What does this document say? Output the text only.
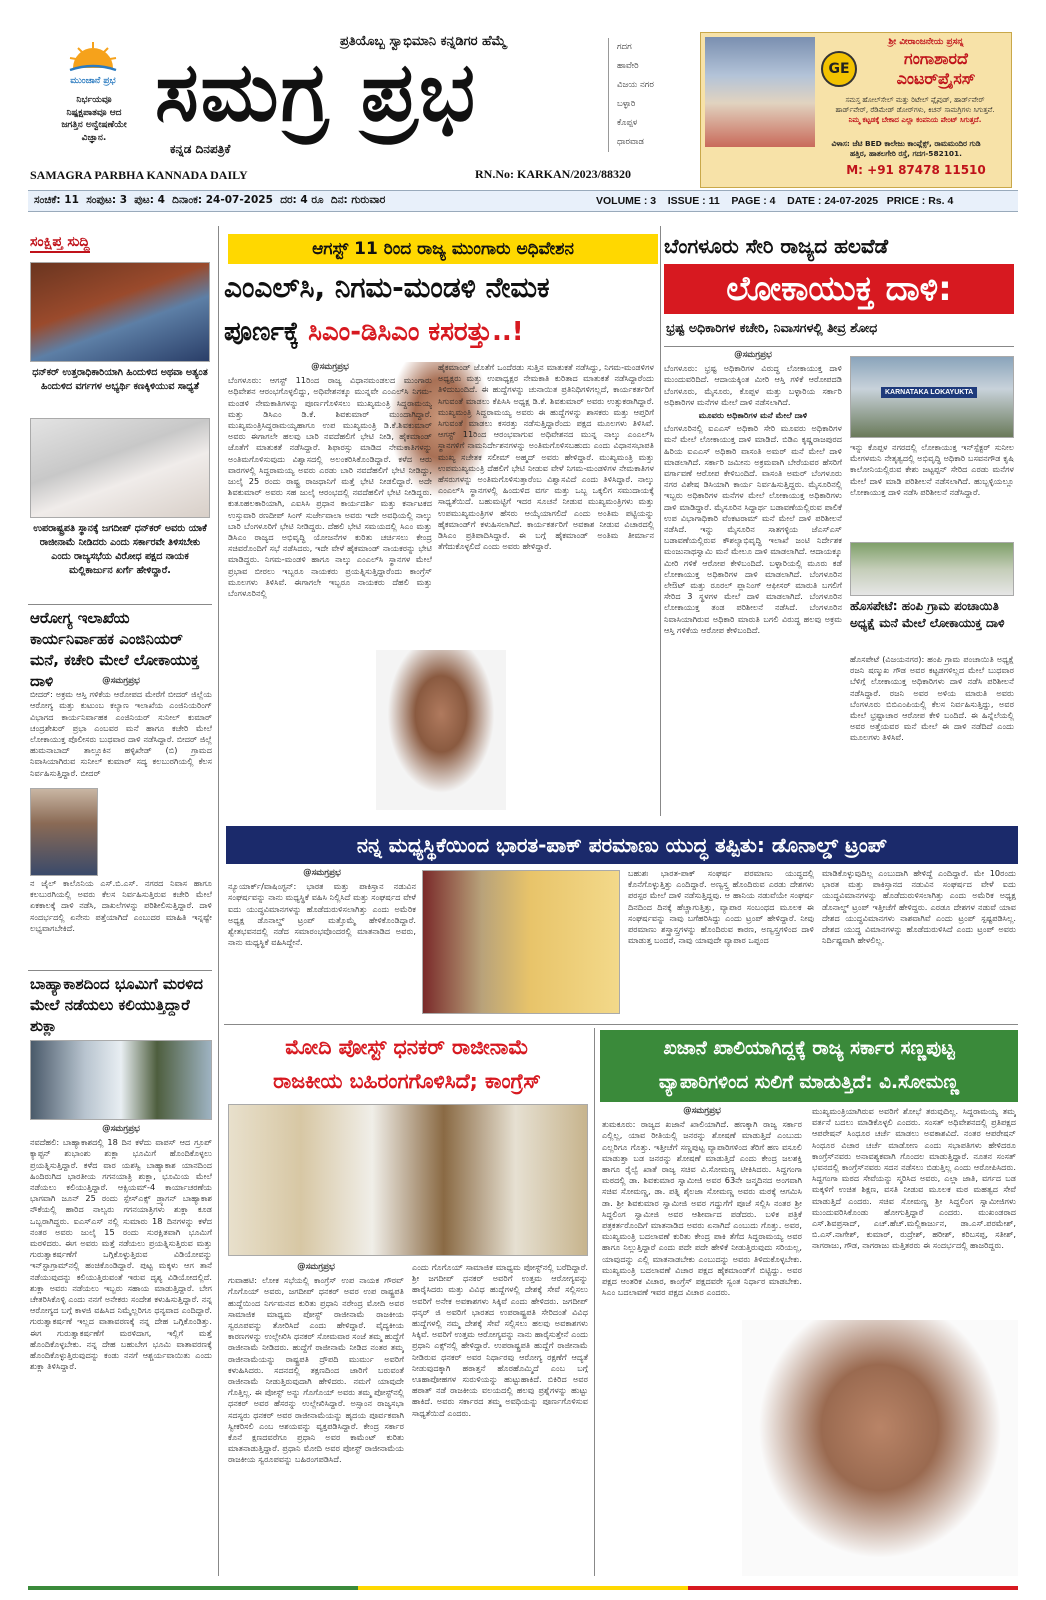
ಮುಂಜಾನೆ ಪ್ರಭ
ನಿರ್ಭಯವೂ
ನಿಷ್ಪಕ್ಷಪಾತವೂ ಆದ
ಜಗತ್ತಿನ ಅನ್ವೇಷಣೆಯೇ
ವಿಜ್ಞಾನ.
ಪ್ರತಿಯೊಬ್ಬ ಸ್ವಾಭಿಮಾನಿ ಕನ್ನಡಿಗರ ಹೆಮ್ಮೆ
ಸಮಗ್ರ ಪ್ರಭ
ಕನ್ನಡ ದಿನಪತ್ರಿಕೆ
SAMAGRA PARBHA KANNADA DAILY	RN.No: KARKAN/2023/88320
ಗದಗ
ಹಾವೇರಿ
ವಿಜಯ ನಗರ
ಬಳ್ಳಾರಿ
ಕೊಪ್ಪಳ
ಧಾರವಾಡ
ಶ್ರೀ ವೀರಾಂಜನೇಯ ಪ್ರಸನ್ನ
GE
ಗಂಗಾಶಾರದೆ
ಎಂಟರ್‌ಪ್ರೈಸಸ್
ಸಮಸ್ತ ಹೋಲ್‌ಸೇಲ್ ಮತ್ತು ರಿಟೇಲ್ ಪ್ಲೈವುಡ್, ಹಾರ್ಡ್‌ವೇರ್
ಹಾರ್ಡ್‌ವೇರ್‌, ರೆಡಿಮೇಡ್ ಡೋರ್‌ಗಳು, ಕಿಚನ್ ಸಾಮಗ್ರಿಗಳು ಸಿಗುತ್ತವೆ.
ನಿಮ್ಮ ಕಟ್ಟಡಕ್ಕೆ ಬೇಕಾದ ಎಲ್ಲಾ ಕಂಪನಿಯ ಪೇಂಟ್ ಸಿಗುತ್ತದೆ.
ವಿಳಾಸ: ಜೆಟಿ BED ಕಾಲೇಜು ಕಾಂಪ್ಲೆಕ್ಸ್, ರಾಮಮಂದಿರ ಗುಡಿ
ಹತ್ತಿರ, ಹಾತಲಗೇರಿ ರಸ್ತೆ, ಗದಗ-582101.
M: +91 87478 11510
ಸಂಚಿಕೆ: 11  ಸಂಪುಟ: 3  ಪುಟ: 4  ದಿನಾಂಕ: 24-07-2025  ದರ: 4 ರೂ  ದಿನ: ಗುರುವಾರ	VOLUME : 3    ISSUE : 11    PAGE : 4    DATE : 24-07-2025   PRICE : Rs. 4
ಸಂಕ್ಷಿಪ್ತ ಸುದ್ದಿ
ಧನ್‌ಕರ್ ಉತ್ತರಾಧಿಕಾರಿಯಾಗಿ ಹಿಂದುಳಿದ ಅಥವಾ ಅತ್ಯಂತ ಹಿಂದುಳಿದ ವರ್ಗಗಳ ಅಭ್ಯರ್ಥಿ ಕಣಕ್ಕಿಳಿಯುವ ಸಾಧ್ಯತೆ
ಉಪರಾಷ್ಟ್ರಪತಿ ಸ್ಥಾನಕ್ಕೆ ಜಗದೀಪ್ ಧನ್‌ಕರ್ ಅವರು ಯಾಕೆ ರಾಜೀನಾಮೆ ನೀಡಿದರು ಎಂದು ಸರ್ಕಾರವೇ ತಿಳಿಸಬೇಕು ಎಂದು ರಾಜ್ಯಸಭೆಯ ವಿರೋಧ ಪಕ್ಷದ ನಾಯಕ ಮಲ್ಲಿಕಾರ್ಜುನ ಖರ್ಗೆ ಹೇಳಿದ್ದಾರೆ.
ಆರೋಗ್ಯ ಇಲಾಖೆಯ ಕಾರ್ಯನಿರ್ವಾಹಕ ಎಂಜಿನಿಯರ್ ಮನೆ, ಕಚೇರಿ ಮೇಲೆ ಲೋಕಾಯುಕ್ತ ದಾಳಿ	@ಸಮಗ್ರಪ್ರಭ
ಬೀದರ್: ಅಕ್ರಮ ಆಸ್ತಿ ಗಳಿಕೆಯ ಆರೋಪದ ಮೇರೆಗೆ ಬೀದರ್ ಜಿಲ್ಲೆಯ ಆರೋಗ್ಯ ಮತ್ತು ಕುಟುಂಬ ಕಲ್ಯಾಣ ಇಲಾಖೆಯ ಎಂಜಿನಿಯರಿಂಗ್ ವಿಭಾಗದ ಕಾರ್ಯನಿರ್ವಾಹಕ ಎಂಜಿನಿಯರ್ ಸುನೀಲ್ ಕುಮಾರ್ ಚಂದ್ರಶೇಖರ್ ಪ್ರಭಾ ಎಂಬವರ ಮನೆ ಹಾಗೂ ಕಚೇರಿ ಮೇಲೆ ಲೋಕಾಯುಕ್ತ ಪೊಲೀಸರು ಬುಧವಾರ ದಾಳಿ ನಡೆಸಿದ್ದಾರೆ. ಬೀದರ್ ಜಿಲ್ಲೆ ಹುಮನಾಬಾದ್ ತಾಲ್ಲೂಕಿನ ಹಳ್ಳಿಖೇಡ್ (ಬಿ) ಗ್ರಾಮದ ನಿವಾಸಿಯಾಗಿರುವ ಸುನೀಲ್ ಕುಮಾರ್ ಸದ್ಯ ಕಲಬುರಗಿಯಲ್ಲಿ ಕೆಲಸ ನಿರ್ವಹಿಸುತ್ತಿದ್ದಾರೆ. ಬೀದರ್
ನ ಜೈಲ್ ಕಾಲೊನಿಯ ಎಸ್.ಬಿ.ಎಸ್. ನಗರದ ನಿವಾಸ ಹಾಗೂ ಕಲಬುರಗಿಯಲ್ಲಿ ಅವರು ಕೆಲಸ ನಿರ್ವಹಿಸುತ್ತಿರುವ ಕಚೇರಿ ಮೇಲೆ ಏಕಕಾಲಕ್ಕೆ ದಾಳಿ ನಡೆಸಿ, ದಾಖಲೆಗಳನ್ನು ಪರಿಶೀಲಿಸುತ್ತಿದ್ದಾರೆ. ದಾಳಿ ಸಂದರ್ಭದಲ್ಲಿ ಏನೇನು ಪತ್ತೆಯಾಗಿದೆ ಎಂಬುದರ ಮಾಹಿತಿ ಇನ್ನಷ್ಟೇ ಲಭ್ಯವಾಗಬೇಕಿದೆ.
ಬಾಹ್ಯಾಕಾಶದಿಂದ ಭೂಮಿಗೆ ಮರಳಿದ ಮೇಲೆ ನಡೆಯಲು ಕಲಿಯುತ್ತಿದ್ದಾರೆ ಶುಕ್ಲಾ
@ಸಮಗ್ರಪ್ರಭ
ನವದೆಹಲಿ: ಬಾಹ್ಯಾಕಾಶದಲ್ಲಿ 18 ದಿನ ಕಳೆದು ವಾಪಸ್ ಆದ ಗ್ರೂಪ್ ಕ್ಯಾಪ್ಟನ್ ಶುಭಾಂಶು ಶುಕ್ಲಾ ಭೂಮಿಗೆ ಹೊಂದಿಕೊಳ್ಳಲು ಪ್ರಯತ್ನಿಸುತ್ತಿದ್ದಾರೆ. ಕಳೆದ ವಾರ ಯಶಸ್ವಿ ಬಾಹ್ಯಾಕಾಶ ಯಾನದಿಂದ ಹಿಂದಿರುಗಿದ ಭಾರತೀಯ ಗಗನಯಾತ್ರಿ ಶುಕ್ಲಾ, ಭೂಮಿಯ ಮೇಲೆ ನಡೆಯಲು ಕಲಿಯುತ್ತಿದ್ದಾರೆ. ಆಕ್ಸಿಯಮ್-4 ಕಾರ್ಯಾಚರಣೆಯ ಭಾಗವಾಗಿ ಜೂನ್ 25 ರಂದು ಸ್ಪೇಸ್‌ಎಕ್ಸ್ ಡ್ರ್ಯಾಗನ್ ಬಾಹ್ಯಾಕಾಶ ನೌಕೆಯಲ್ಲಿ ಹಾರಿದ ನಾಲ್ವರು ಗಗನಯಾತ್ರಿಗಳು ಶುಕ್ಲಾ ಕೂಡ ಒಬ್ಬರಾಗಿದ್ದರು. ಐಎಸ್ಎಸ್ ನಲ್ಲಿ ಸುಮಾರು 18 ದಿನಗಳನ್ನು ಕಳೆದ ನಂತರ ಅವರು ಜುಲೈ 15 ರಂದು ಸುರಕ್ಷಿತವಾಗಿ ಭೂಮಿಗೆ ಮರಳಿದರು. ಈಗ ಅವರು ಮತ್ತೆ ನಡೆಯಲು ಪ್ರಯತ್ನಿಸುತ್ತಿರುವ ಮತ್ತು ಗುರುತ್ವಾಕರ್ಷಣೆಗೆ ಒಗ್ಗಿಕೊಳ್ಳುತ್ತಿರುವ ವಿಡಿಯೋವನ್ನು ಇನ್‌ಸ್ಟಾಗ್ರಾಮ್‌ನಲ್ಲಿ ಹಂಚಿಕೊಂಡಿದ್ದಾರೆ. ಪುಟ್ಟ ಮಕ್ಕಳು ಆಗ ತಾನೆ ನಡೆಯುವುದನ್ನು ಕಲಿಯುತ್ತಿರುವಂತೆ ಇರುವ ದೃಶ್ಯ ವಿಡಿಯೋದಲ್ಲಿದೆ. ಶುಕ್ಲಾ ಅವರು ನಡೆಯಲು ಇಬ್ಬರು ಸಹಾಯ ಮಾಡುತ್ತಿದ್ದಾರೆ. ಬೇಗ ಚೇತರಿಸಿಕೊಳ್ಳಿ ಎಂದು ನನಗೆ ಅನೇಕರು ಸಂದೇಶ ಕಳುಹಿಸುತ್ತಿದ್ದಾರೆ. ನನ್ನ ಆರೋಗ್ಯದ ಬಗ್ಗೆ ಕಾಳಜಿ ವಹಿಸಿದ ನಿಮ್ಮೆಲ್ಲರಿಗೂ ಧನ್ಯವಾದ ಎಂದಿದ್ದಾರೆ. ಗುರುತ್ವಾಕರ್ಷಣೆ ಇಲ್ಲದ ವಾತಾವರಣಕ್ಕೆ ನನ್ನ ದೇಹ ಒಗ್ಗಿಕೊಂಡಿತ್ತು. ಈಗ ಗುರುತ್ವಾಕರ್ಷಣೆಗೆ ಮರಳಿದಾಗ, ಇಲ್ಲಿಗೆ ಮತ್ತೆ ಹೊಂದಿಕೊಳ್ಳಬೇಕು. ನನ್ನ ದೇಹ ಬಹುಬೇಗ ಭೂಮಿ ವಾತಾವರಣಕ್ಕೆ ಹೊಂದಿಕೊಳ್ಳುತ್ತಿರುವುದನ್ನು ಕಂಡು ನನಗೆ ಆಶ್ಚರ್ಯವಾಯಿತು ಎಂದು ಶುಕ್ಲಾ ತಿಳಿಸಿದ್ದಾರೆ.
ಆಗಸ್ಟ್ 11 ರಿಂದ ರಾಜ್ಯ ಮುಂಗಾರು ಅಧಿವೇಶನ
ಎಂಎಲ್‌ಸಿ, ನಿಗಮ-ಮಂಡಳಿ ನೇಮಕ
ಪೂರ್ಣಕ್ಕೆ ಸಿಎಂ-ಡಿಸಿಎಂ ಕಸರತ್ತು..!
@ಸಮಗ್ರಪ್ರಭ
ಬೆಂಗಳೂರು: ಆಗಸ್ಟ್ 11ರಿಂದ ರಾಜ್ಯ ವಿಧಾನಮಂಡಲದ ಮುಂಗಾರು ಅಧಿವೇಶನ ಆರಂಭಗೊಳ್ಳಲಿದ್ದು, ಅಧಿವೇಶನಕ್ಕೂ ಮುನ್ನವೇ ಎಂಎಲ್‌ಸಿ ನಿಗಮ-ಮಂಡಳಿ ನೇಮಕಾತಿಗಳನ್ನು ಪೂರ್ಣಗೊಳಿಸಲು ಮುಖ್ಯಮಂತ್ರಿ ಸಿದ್ದರಾಮಯ್ಯ ಮತ್ತು ಡಿಸಿಎಂ ಡಿ.ಕೆ. ಶಿವಕುಮಾರ್ ಮುಂದಾಗಿದ್ದಾರೆ. ಮುಖ್ಯಮಂತ್ರಿಸಿದ್ದರಾಮಯ್ಯಹಾಗೂ ಉಪ ಮುಖ್ಯಮಂತ್ರಿ ಡಿ.ಕೆ.ಶಿವಕುಮಾರ್ ಅವರು ಈಗಾಗಲೇ ಹಲವು ಬಾರಿ ನವದೆಹಲಿಗೆ ಭೇಟಿ ನೀಡಿ, ಹೈಕಮಾಂಡ್ ಜೊತೆಗೆ ಮಾತುಕತೆ ನಡೆಸಿದ್ದಾರೆ. ಶಿಫಾರಸ್ಸು ಮಾಡಿದ ನೇಮಕಾತಿಗಳನ್ನು ಅಂತಿಮಗೊಳಿಸುವುದು ವಿಶ್ವಾಸದಲ್ಲಿ ಅಲಂಕರಿಸಿಕೊಂಡಿದ್ದಾರೆ. ಕಳೆದ ಆರು ವಾರಗಳಲ್ಲಿ ಸಿದ್ದರಾಮಯ್ಯ ಅವರು ಎರಡು ಬಾರಿ ನವದೆಹಲಿಗೆ ಭೇಟಿ ನೀಡಿದ್ದು, ಜುಲೈ 25 ರಂದು ರಾಷ್ಟ್ರ ರಾಜಧಾನಿಗೆ ಮತ್ತೆ ಭೇಟಿ ನೀಡಲಿದ್ದಾರೆ. ಅದೇ ಶಿವಕುಮಾರ್ ಅವರು ಸಹ ಜುಲೈ ಆರಂಭದಲ್ಲಿ ನವದೆಹಲಿಗೆ ಭೇಟಿ ನೀಡಿದ್ದರು. ಕುತೂಹಲಕಾರಿಯಾಗಿ, ಎಐಸಿಸಿ ಪ್ರಧಾನ ಕಾರ್ಯದರ್ಶಿ ಮತ್ತು ಕರ್ನಾಟಕದ ಉಸ್ತುವಾರಿ ರಣದೀಪ್ ಸಿಂಗ್ ಸುರ್ಜೇವಾಲಾ ಅವರು ಇದೇ ಅವಧಿಯಲ್ಲಿ ನಾಲ್ಕು ಬಾರಿ ಬೆಂಗಳೂರಿಗೆ ಭೇಟಿ ನೀಡಿದ್ದರು. ದೆಹಲಿ ಭೇಟಿ ಸಮಯದಲ್ಲಿ ಸಿಎಂ ಮತ್ತು ಡಿಸಿಎಂ ರಾಜ್ಯದ ಅಭಿವೃದ್ಧಿ ಯೋಜನೆಗಳ ಕುರಿತು ಚರ್ಚಿಸಲು ಕೇಂದ್ರ ಸಚಿವರೊಂದಿಗೆ ಸಭೆ ನಡೆಸಿದರು, ಇದೇ ವೇಳೆ ಹೈಕಮಾಂಡ್ ನಾಯಕರನ್ನು ಭೇಟಿ ಮಾಡಿದ್ದರು. ನಿಗಮ-ಮಂಡಳಿ ಹಾಗೂ ನಾಲ್ಕು ಎಂಎಲ್‌ಸಿ ಸ್ಥಾನಗಳ ಮೇಲೆ ಪ್ರಭಾವ ಬೀರಲು ಇಬ್ಬರೂ ನಾಯಕರು ಪ್ರಯತ್ನಿಸುತ್ತಿದ್ದಾರೆಂದು ಕಾಂಗ್ರೆಸ್ ಮೂಲಗಳು ತಿಳಿಸಿವೆ. ಈಗಾಗಲೇ ಇಬ್ಬರೂ ನಾಯಕರು ದೆಹಲಿ ಮತ್ತು ಬೆಂಗಳೂರಿನಲ್ಲಿ
ಹೈಕಮಾಂಡ್ ಜೊತೆಗೆ ಒಂದೆರಡು ಸುತ್ತಿನ ಮಾತುಕತೆ ನಡೆಸಿದ್ದು, ನಿಗಮ-ಮಂಡಳಿಗಳ ಅಧ್ಯಕ್ಷರು ಮತ್ತು ಉಪಾಧ್ಯಕ್ಷರ ನೇಮಕಾತಿ ಕುರಿತಾದ ಮಾತುಕತೆ ನಡೆಸಿದ್ದಾರೆಂದು ತಿಳಿದುಬಂದಿದೆ. ಈ ಹುದ್ದೆಗಳನ್ನು ಚುನಾಯಿತ ಪ್ರತಿನಿಧಿಗಳಿಗಲ್ಲದೆ, ಕಾರ್ಯಕರ್ತರಿಗೆ ಸಿಗುವಂತೆ ಮಾಡಲು ಕೆಪಿಸಿಸಿ ಅಧ್ಯಕ್ಷ ಡಿ.ಕೆ. ಶಿವಕುಮಾರ್ ಅವರು ಉತ್ಸುಕರಾಗಿದ್ದಾರೆ. ಮುಖ್ಯಮಂತ್ರಿ ಸಿದ್ದರಾಮಯ್ಯ ಅವರು ಈ ಹುದ್ದೆಗಳನ್ನು ಶಾಸಕರು ಮತ್ತು ಆಪ್ತರಿಗೆ ಸಿಗುವಂತೆ ಮಾಡಲು ಕಸರತ್ತು ನಡೆಸುತ್ತಿದ್ದಾರೆಂದು ಪಕ್ಷದ ಮೂಲಗಳು ತಿಳಿಸಿವೆ. ಆಗಸ್ಟ್ 11ರಿಂದ ಆರಂಭವಾಗುವ ಅಧಿವೇಶನದ ಮುನ್ನ ನಾಲ್ಕು ಎಂಎಲ್‌ಸಿ ಸ್ಥಾನಗಳಿಗೆ ನಾಮನಿರ್ದೇಶನಗಳನ್ನು ಅಂತಿಮಗೊಳಿಸಬಹುದು ಎಂದು ವಿಧಾನಸಭಾಪತಿ ಮುಖ್ಯ ಸಚೇತಕ ಸಲೀಮ್ ಅಹ್ಮದ್ ಅವರು ಹೇಳಿದ್ದಾರೆ. ಮುಖ್ಯಮಂತ್ರಿ ಮತ್ತು ಉಪಮುಖ್ಯಮಂತ್ರಿ ದೆಹಲಿಗೆ ಭೇಟಿ ನೀಡುವ ವೇಳೆ ನಿಗಮ-ಮಂಡಳಿಗಳ ನೇಮಕಾತಿಗಳ ಹೆಸರುಗಳನ್ನು ಅಂತಿಮಗೊಳಿಸುತ್ತಾರೆಂಬ ವಿಶ್ವಾಸವಿದೆ ಎಂದು ತಿಳಿಸಿದ್ದಾರೆ. ನಾಲ್ಕು ಎಂಎಲ್‌ಸಿ ಸ್ಥಾನಗಳಲ್ಲಿ ಹಿಂದುಳಿದ ವರ್ಗ ಮತ್ತು ಒಬ್ಬ ಒಕ್ಕಲಿಗ ಸಮುದಾಯಕ್ಕೆ ಸಾಧ್ಯತೆಯಿದೆ. ಬಹುಮಟ್ಟಿಗೆ ಇದರ ಸೂಚನೆ ನೀಡುವ ಮುಖ್ಯಮಂತ್ರಿಗಳು ಮತ್ತು ಉಪಮುಖ್ಯಮಂತ್ರಿಗಳ ಹೆಸರು ಆಯ್ಕೆಯಾಗಲಿದೆ ಎಂದು ಅಂತಿಮ ಪಟ್ಟಿಯನ್ನು ಹೈಕಮಾಂಡ್‌ಗೆ ಕಳುಹಿಸಲಾಗಿದೆ. ಕಾರ್ಯಕರ್ತರಿಗೆ ಅವಕಾಶ ನೀಡುವ ವಿಚಾರದಲ್ಲಿ ಡಿಸಿಎಂ ಪ್ರತಿಪಾದಿಸಿದ್ದಾರೆ. ಈ ಬಗ್ಗೆ ಹೈಕಮಾಂಡ್ ಅಂತಿಮ ತೀರ್ಮಾನ ತೆಗೆದುಕೊಳ್ಳಲಿದೆ ಎಂದು ಅವರು ಹೇಳಿದ್ದಾರೆ.
ಬೆಂಗಳೂರು ಸೇರಿ ರಾಜ್ಯದ ಹಲವೆಡೆ
ಲೋಕಾಯುಕ್ತ ದಾಳಿ:
ಭ್ರಷ್ಟ ಅಧಿಕಾರಿಗಳ ಕಚೇರಿ, ನಿವಾಸಗಳಲ್ಲಿ ತೀವ್ರ ಶೋಧ
@ಸಮಗ್ರಪ್ರಭ
ಬೆಂಗಳೂರು: ಭ್ರಷ್ಟ ಅಧಿಕಾರಿಗಳ ವಿರುದ್ಧ ಲೋಕಾಯುಕ್ತ ದಾಳಿ ಮುಂದುವರಿದಿದೆ. ಆದಾಯಕ್ಕಿಂತ ಮೀರಿ ಆಸ್ತಿ ಗಳಿಕೆ ಆರೋಪದಡಿ ಬೆಂಗಳೂರು, ಮೈಸೂರು, ಕೊಪ್ಪಳ ಮತ್ತು ಬಳ್ಳಾರಿಯ ಸರ್ಕಾರಿ ಅಧಿಕಾರಿಗಳ ಮನೆಗಳ ಮೇಲೆ ದಾಳಿ ನಡೆಸಲಾಗಿದೆ.
ಮೂವರು ಅಧಿಕಾರಿಗಳ ಮನೆ ಮೇಲೆ ದಾಳಿ
ಬೆಂಗಳೂರಿನಲ್ಲಿ ಐಎಎಸ್ ಅಧಿಕಾರಿ ಸೇರಿ ಮೂವರು ಅಧಿಕಾರಿಗಳ ಮನೆ ಮೇಲೆ ಲೋಕಾಯುಕ್ತ ದಾಳಿ ಮಾಡಿದೆ. ಬಿಡಿಎ ಕೃಷ್ಣರಾಜಪುರದ ಹಿರಿಯ ಐಎಎಸ್ ಅಧಿಕಾರಿ ವಾಸಂತಿ ಅಮರ್ ಮನೆ ಮೇಲೆ ದಾಳಿ ಮಾಡಲಾಗಿದೆ. ಸರ್ಕಾರಿ ಜಮೀನು ಅಕ್ರಮವಾಗಿ ಬೇರೆಯವರ ಹೆಸರಿಗೆ ವರ್ಗಾವಣೆ ಆರೋಪ ಕೇಳಿಬಂದಿದೆ. ವಾಸಂತಿ ಅಮರ್ ಬೆಂಗಳೂರು ನಗರ ವಿಶೇಷ ಡಿಸಿಯಾಗಿ ಕಾರ್ಯ ನಿರ್ವಹಿಸುತ್ತಿದ್ದರು. ಮೈಸೂರಿನಲ್ಲಿ ಇಬ್ಬರು ಅಧಿಕಾರಿಗಳ ಮನೆಗಳ ಮೇಲೆ ಲೋಕಾಯುಕ್ತ ಅಧಿಕಾರಿಗಳು ದಾಳಿ ಮಾಡಿದ್ದಾರೆ. ಮೈಸೂರಿನ ಸಿದ್ದಾರ್ಥ ಬಡಾವಣೆಯಲ್ಲಿರುವ ಪಾಲಿಕೆ ಉಪ ವಿಭಾಗಾಧಿಕಾರಿ ವೆಂಕಟರಾಮ್ ಮನೆ ಮೇಲೆ ದಾಳಿ ಪರಿಶೀಲನೆ ನಡೆಸಿದೆ. ಇನ್ನು ಮೈಸೂರಿನ ಸಾತಗಳ್ಳಿಯ ಜೆಎಸ್ಎಸ್ ಬಡಾವಣೆಯಲ್ಲಿರುವ ಕೌಶಲ್ಯಾಭಿವೃದ್ಧಿ ಇಲಾಖೆ ಜಂಟಿ ನಿರ್ದೇಶಕ ಮಂಜುನಾಥಸ್ವಾಮಿ ಮನೆ ಮೇಲೂ ದಾಳಿ ಮಾಡಲಾಗಿದೆ. ಆದಾಯಕ್ಕೂ ಮೀರಿ ಗಳಿಕೆ ಆರೋಪ ಕೇಳಿಬಂದಿದೆ. ಬಳ್ಳಾರಿಯಲ್ಲಿ ಮೂರು ಕಡೆ ಲೋಕಾಯುಕ್ತ ಅಧಿಕಾರಿಗಳ ದಾಳಿ ಮಾಡಲಾಗಿದೆ. ಬೆಂಗಳೂರಿನ ಲೇಔಟ್ ಮತ್ತು ರೂರಲ್ ಪ್ಲಾನಿಂಗ್ ಆಫೀಸರ್ ಮಾರುತಿ ಬಗಲಿಗೆ ಸೇರಿದ 3 ಸ್ಥಳಗಳ ಮೇಲೆ ದಾಳಿ ಮಾಡಲಾಗಿದೆ. ಬೆಂಗಳೂರಿನ ಲೋಕಾಯುಕ್ತ ತಂಡ ಪರಿಶೀಲನೆ ನಡೆಸಿದೆ. ಬೆಂಗಳೂರಿನ ನಿವಾಸಿಯಾಗಿರುವ ಅಧಿಕಾರಿ ಮಾರುತಿ ಬಗಲಿ ವಿರುದ್ಧ ಹಲವು ಅಕ್ರಮ ಆಸ್ತಿ ಗಳಿಕೆಯ ಆರೋಪ ಕೇಳಿಬಂದಿದೆ.
KARNATAKA LOKAYUKTA
ಇನ್ನು ಕೊಪ್ಪಳ ನಗರದಲ್ಲಿ ಲೋಕಾಯುಕ್ತ ಇನ್‌ಸ್ಪೆಕ್ಟರ್ ಸುನೀಲ ಮೇಗಳಮನಿ ನೇತೃತ್ವದಲ್ಲಿ ಅಭಿವೃದ್ಧಿ ಅಧಿಕಾರಿ ಬಸವನಗೌಡ ಕೃಷಿ ಕಾಲೋನಿಯಲ್ಲಿರುವ ಕೇಶು ಜಟ್ಟಪ್ಪನ್ ಸೇರಿದ ಎರಡು ಮನೆಗಳ ಮೇಲೆ ದಾಳಿ ಮಾಡಿ ಪರಿಶೀಲನೆ ನಡೆಸಲಾಗಿದೆ. ಹುಬ್ಬಳ್ಳಿಯಲ್ಲೂ ಲೋಕಾಯುಕ್ತ ದಾಳಿ ನಡೆಸಿ ಪರಿಶೀಲನೆ ನಡೆಸಿದ್ದಾರೆ.
ಹೊಸಪೇಟೆ: ಹಂಪಿ ಗ್ರಾಮ ಪಂಚಾಯಿತಿ ಅಧ್ಯಕ್ಷೆ ಮನೆ ಮೇಲೆ ಲೋಕಾಯುಕ್ತ ದಾಳಿ
ಹೊಸಪೇಟೆ (ವಿಜಯನಗರ): ಹಂಪಿ ಗ್ರಾಮ ಪಂಚಾಯಿತಿ ಅಧ್ಯಕ್ಷೆ ರಜನಿ ಷಣ್ಮುಖ ಗೌಡ ಅವರ ಕಟ್ಟಡಗಳಿಲ್ಲದ ಮೇಲೆ ಬುಧವಾರ ಬೆಳಿಗ್ಗೆ ಲೋಕಾಯುಕ್ತ ಅಧಿಕಾರಿಗಳು ದಾಳಿ ನಡೆಸಿ ಪರಿಶೀಲನೆ ನಡೆಸಿದ್ದಾರೆ. ರಜನಿ ಅವರ ಅಳಿಯ ಮಾರುತಿ ಅವರು ಬೆಂಗಳೂರು ಬಿಬಿಎಂಪಿಯಲ್ಲಿ ಕೆಲಸ ನಿರ್ವಹಿಸುತ್ತಿದ್ದು, ಅವರ ಮೇಲೆ ಭ್ರಷ್ಟಾಚಾರ ಆರೋಪ ಕೇಳಿ ಬಂದಿದೆ. ಈ ಹಿನ್ನೆಲೆಯಲ್ಲಿ ಅವರ ಅತ್ತೆಯವರ ಮನೆ ಮೇಲೆ ಈ ದಾಳಿ ನಡೆದಿದೆ ಎಂದು ಮೂಲಗಳು ತಿಳಿಸಿವೆ.
ನನ್ನ ಮಧ್ಯಸ್ಥಿಕೆಯಿಂದ ಭಾರತ-ಪಾಕ್ ಪರಮಾಣು ಯುದ್ಧ ತಪ್ಪಿತು: ಡೊನಾಲ್ಡ್ ಟ್ರಂಪ್
@ಸಮಗ್ರಪ್ರಭ
ನ್ಯೂಯಾರ್ಕ್/ವಾಷಿಂಗ್ಟನ್: ಭಾರತ ಮತ್ತು ಪಾಕಿಸ್ತಾನ ನಡುವಿನ ಸಂಘರ್ಷವನ್ನು ನಾನು ಮಧ್ಯಸ್ಥಿಕೆ ವಹಿಸಿ ನಿಲ್ಲಿಸಿದೆ ಮತ್ತು ಸಂಘರ್ಷದ ವೇಳೆ ಐದು ಯುದ್ಧವಿಮಾನಗಳನ್ನು ಹೊಡೆದುರುಳಿಸಲಾಗಿತ್ತು ಎಂದು ಅಮೆರಿಕ ಅಧ್ಯಕ್ಷ ಡೊನಾಲ್ಡ್ ಟ್ರಂಪ್ ಮತ್ತೊಮ್ಮೆ ಹೇಳಿಕೊಂಡಿದ್ದಾರೆ. ಶ್ವೇತಭವನದಲ್ಲಿ ನಡೆದ ಸಮಾರಂಭವೊಂದರಲ್ಲಿ ಮಾತನಾಡಿದ ಅವರು, ನಾನು ಮಧ್ಯಸ್ಥಿಕೆ ವಹಿಸಿದ್ದೇನೆ.
ಬಹುಶಃ ಭಾರತ-ಪಾಕ್ ಸಂಘರ್ಷ ಪರಮಾಣು ಯುದ್ಧದಲ್ಲಿ ಕೊನೆಗೊಳ್ಳುತ್ತಿತ್ತು ಎಂದಿದ್ದಾರೆ. ಅಣ್ವಸ್ತ್ರ ಹೊಂದಿರುವ ಎರಡು ದೇಶಗಳು ಪರಸ್ಪರ ಮೇಲೆ ದಾಳಿ ನಡೆಸುತ್ತಿದ್ದವು. ಆ ಹಾನಿಯ ನಡುವೆಯೇ ಸಂಘರ್ಷ ದಿನದಿಂದ ದಿನಕ್ಕೆ ಹೆಚ್ಚಾಗುತ್ತಿತ್ತು, ವ್ಯಾಪಾರ ಸಂಬಂಧದ ಮೂಲಕ ಈ ಸಂಘರ್ಷವನ್ನು ನಾವು ಬಗೆಹರಿಸಿದ್ದು ಎಂದು ಟ್ರಂಪ್ ಹೇಳಿದ್ದಾರೆ. ನೀವು ಪರಮಾಣು ಶಸ್ತ್ರಾಸ್ತ್ರಗಳನ್ನು ಹೊಂದಿರುವ ಕಾರಣ, ಅಣ್ವಸ್ತ್ರಗಳಿಂದ ದಾಳಿ ಮಾಡುತ್ತ ಬಂದರೆ, ನಾವು ಯಾವುದೇ ವ್ಯಾಪಾರ ಒಪ್ಪಂದ
ಮಾಡಿಕೊಳ್ಳುವುದಿಲ್ಲ ಎಂಬುದಾಗಿ ಹೇಳಿದ್ದೆ ಎಂದಿದ್ದಾರೆ. ಮೇ 10ರಂದು ಭಾರತ ಮತ್ತು ಪಾಕಿಸ್ತಾನದ ನಡುವಿನ ಸಂಘರ್ಷದ ವೇಳೆ ಐದು ಯುದ್ಧವಿಮಾನಗಳನ್ನು ಹೊಡೆದುರುಳಿಸಲಾಗಿತ್ತು ಎಂದು ಅಮೆರಿಕ ಅಧ್ಯಕ್ಷ ಡೊನಾಲ್ಡ್ ಟ್ರಂಪ್ ಇತ್ತೀಚೆಗೆ ಹೇಳಿದ್ದರು. ಎರಡೂ ದೇಶಗಳ ನಡುವೆ ಯಾವ ದೇಶದ ಯುದ್ಧವಿಮಾನಗಳು ನಾಶವಾಗಿವೆ ಎಂದು ಟ್ರಂಪ್ ಸ್ಪಷ್ಟಪಡಿಸಿಲ್ಲ. ದೇಶದ ಯುದ್ಧ ವಿಮಾನಗಳನ್ನು ಹೊಡೆದುರುಳಿಸಿದೆ ಎಂದು ಟ್ರಂಪ್ ಅವರು ನಿರ್ದಿಷ್ಟವಾಗಿ ಹೇಳಲಿಲ್ಲ.
ಮೋದಿ ಪೋಸ್ಟ್ ಧನಕರ್ ರಾಜೀನಾಮೆ
ರಾಜಕೀಯ ಬಹಿರಂಗಗೊಳಿಸಿದೆ; ಕಾಂಗ್ರೆಸ್
@ಸಮಗ್ರಪ್ರಭ
ಗುವಾಹಟಿ: ಲೋಕ ಸಭೆಯಲ್ಲಿ ಕಾಂಗ್ರೆಸ್ ಉಪ ನಾಯಕ ಗೌರವ್ ಗೊಗೊಯ್ ಅವರು, ಜಗದೀಪ್ ಧನಕರ್ ಅವರ ಉಪ ರಾಷ್ಟ್ರಪತಿ ಹುದ್ದೆಯಿಂದ ನಿರ್ಗಮನದ ಕುರಿತು ಪ್ರಧಾನಿ ನರೇಂದ್ರ ಮೋದಿ ಅವರ ಸಾಮಾಜಿಕ ಮಾಧ್ಯಮ ಪೋಸ್ಟ್ ರಾಜೀನಾಮೆ ರಾಜಕೀಯ ಸ್ವರೂಪವನ್ನು ತೋರಿಸಿದೆ ಎಂದು ಹೇಳಿದ್ದಾರೆ. ವೈದ್ಯಕೀಯ ಕಾರಣಗಳನ್ನು ಉಲ್ಲೇಖಿಸಿ ಧನಕರ್ ಸೋಮವಾರ ಸಂಜೆ ತಮ್ಮ ಹುದ್ದೆಗೆ ರಾಜೀನಾಮೆ ನೀಡಿದರು. ಹುದ್ದೆಗೆ ರಾಜೀನಾಮೆ ನೀಡಿದ ನಂತರ ತಮ್ಮ ರಾಜೀನಾಮೆಯನ್ನು ರಾಷ್ಟ್ರಪತಿ ದ್ರೌಪದಿ ಮುರ್ಮು ಅವರಿಗೆ ಕಳುಹಿಸಿದರು. ಸದನದಲ್ಲಿ ತಕ್ಷಣದಿಂದ ಜಾರಿಗೆ ಬರುವಂತೆ ರಾಜೀನಾಮೆ ನೀಡುತ್ತಿರುವುದಾಗಿ ಹೇಳಿದರು. ನಮಗೆ ಯಾವುದೇ ಗೊತ್ತಿಲ್ಲ. ಈ ಪೋಸ್ಟ್ ಅನ್ನು ಗೊಗೊಯ್ ಅವರು ತಮ್ಮ ಪೋಸ್ಟ್‌ನಲ್ಲಿ ಧನಕರ್ ಅವರ ಹೆಸರನ್ನು ಉಲ್ಲೇಖಿಸಿದ್ದಾರೆ. ಅಸ್ಸಾಂನ ರಾಜ್ಯಸಭಾ ಸದಸ್ಯರು ಧನಕರ್ ಅವರ ರಾಜೀನಾಮೆಯನ್ನು ಹೃದಯ ಪೂರ್ವಕವಾಗಿ ಸ್ವೀಕರಿಸಲಿ ಎಂಬ ಆಶಯವನ್ನು ವ್ಯಕ್ತಪಡಿಸಿದ್ದಾರೆ. ಕೇಂದ್ರ ಸರ್ಕಾರ ಕೊನೆ ಕ್ಷಣದವರೆಗೂ ಪ್ರಧಾನಿ ಅವರ ಕಾಮೆಂಟ್ ಕುರಿತು ಮಾತನಾಡುತ್ತಿದ್ದಾರೆ. ಪ್ರಧಾನಿ ಮೋದಿ ಅವರ ಪೋಸ್ಟ್ ರಾಜೀನಾಮೆಯ ರಾಜಕೀಯ ಸ್ವರೂಪವನ್ನು ಬಹಿರಂಗಪಡಿಸಿದೆ.
ಎಂದು ಗೊಗೊಯ್ ಸಾಮಾಜಿಕ ಮಾಧ್ಯಮ ಪೋಸ್ಟ್‌ನಲ್ಲಿ ಬರೆದಿದ್ದಾರೆ. ಶ್ರೀ ಜಗದೀಪ್ ಧನಕರ್ ಅವರಿಗೆ ಉತ್ತಮ ಆರೋಗ್ಯವನ್ನು ಹಾರೈಸಿದರು ಮತ್ತು ವಿವಿಧ ಹುದ್ದೆಗಳಲ್ಲಿ ದೇಶಕ್ಕೆ ಸೇವೆ ಸಲ್ಲಿಸಲು ಅವರಿಗೆ ಅನೇಕ ಅವಕಾಶಗಳು ಸಿಕ್ಕಿವೆ ಎಂದು ಹೇಳಿದರು. ಜಗದೀಪ್ ಧನ್ಕರ್ ಜಿ ಅವರಿಗೆ ಭಾರತದ ಉಪರಾಷ್ಟ್ರಪತಿ ಸೇರಿದಂತೆ ವಿವಿಧ ಹುದ್ದೆಗಳಲ್ಲಿ ನಮ್ಮ ದೇಶಕ್ಕೆ ಸೇವೆ ಸಲ್ಲಿಸಲು ಹಲವು ಅವಕಾಶಗಳು ಸಿಕ್ಕಿವೆ. ಅವರಿಗೆ ಉತ್ತಮ ಆರೋಗ್ಯವನ್ನು ನಾನು ಹಾರೈಸುತ್ತೇನೆ ಎಂದು ಪ್ರಧಾನಿ ಎಕ್ಸ್‌ನಲ್ಲಿ ಹೇಳಿದ್ದಾರೆ. ಉಪರಾಷ್ಟ್ರಪತಿ ಹುದ್ದೆಗೆ ರಾಜೀನಾಮೆ ನೀಡಿರುವ ಧನಕರ್ ಅವರ ನಿರ್ಧಾರವು ಆರೋಗ್ಯ ರಕ್ಷಣೆಗೆ ಆದ್ಯತೆ ನೀಡುವುದಕ್ಕಾಗಿ ಹಠಾತ್ತನೆ ಹೊರಹೊಮ್ಮಿದೆ ಎಂಬ ಬಗ್ಗೆ ಊಹಾಪೋಹಗಳ ಸುರುಳಿಯನ್ನು ಹುಟ್ಟುಹಾಕಿದೆ. ಬಿಕಿರಿದ ಅವರ ಹಠಾತ್ ನಡೆ ರಾಜಕೀಯ ವಲಯದಲ್ಲಿ ಹಲವು ಪ್ರಶ್ನೆಗಳನ್ನು ಹುಟ್ಟು ಹಾಕಿದೆ. ಅವರು ಸರ್ಕಾರದ ತಮ್ಮ ಅವಧಿಯನ್ನು ಪೂರ್ಣಗೊಳಿಸುವ ಸಾಧ್ಯತೆಯಿದೆ ಎಂದರು.
ಖಜಾನೆ ಖಾಲಿಯಾಗಿದ್ದಕ್ಕೆ ರಾಜ್ಯ ಸರ್ಕಾರ ಸಣ್ಣಪುಟ್ಟ
ವ್ಯಾಪಾರಿಗಳಿಂದ ಸುಲಿಗೆ ಮಾಡುತ್ತಿದೆ: ವಿ.ಸೋಮಣ್ಣ
@ಸಮಗ್ರಪ್ರಭ
ತುಮಕೂರು: ರಾಜ್ಯದ ಖಜಾನೆ ಖಾಲಿಯಾಗಿದೆ. ಹಣಕ್ಕಾಗಿ ರಾಜ್ಯ ಸರ್ಕಾರ ಎಲ್ಲಿಲ್ಲ, ಯಾವ ರೀತಿಯಲ್ಲಿ ಜನರನ್ನು ಶೋಷಣೆ ಮಾಡುತ್ತಿದೆ ಎಂಬುದು ಎಲ್ಲರಿಗೂ ಗೊತ್ತು. ಇತ್ತೀಚೆಗೆ ಸಣ್ಣಪುಟ್ಟ ವ್ಯಾಪಾರಿಗಳಿಂದ ತೆರಿಗೆ ಹಣ ವಸೂಲಿ ಮಾಡುತ್ತಾ ಬಡ ಜನರನ್ನು ಶೋಷಣೆ ಮಾಡುತ್ತಿದೆ ಎಂದು ಕೇಂದ್ರ ಜಲಶಕ್ತಿ ಹಾಗೂ ರೈಲ್ವೆ ಖಾತೆ ರಾಜ್ಯ ಸಚಿವ ವಿ.ಸೋಮಣ್ಣ ಟೀಕಿಸಿದರು. ಸಿದ್ದಗಂಗಾ ಮಠದಲ್ಲಿ ಡಾ. ಶಿವಕುಮಾರ ಸ್ವಾಮೀಜಿ ಅವರ 63ನೇ ಜನ್ಮದಿನದ ಅಂಗವಾಗಿ ಸಚಿವ ಸೋಮಣ್ಣ, ಡಾ. ಪತ್ನಿ ಶೈಲಜಾ ಸೋಮಣ್ಣ ಅವರು ಮಠಕ್ಕೆ ಆಗಮಿಸಿ ಡಾ. ಶ್ರೀ ಶಿವಕುಮಾರ ಸ್ವಾಮೀಜಿ ಅವರ ಗದ್ದುಗೆಗೆ ಪೂಜೆ ಸಲ್ಲಿಸಿ ನಂತರ ಶ್ರೀ ಸಿದ್ದಲಿಂಗ ಸ್ವಾಮೀಜಿ ಅವರ ಆಶೀರ್ವಾದ ಪಡೆದರು. ಬಳಿಕ ಪತ್ರಿಕೆ ಪತ್ರಕರ್ತರೊಂದಿಗೆ ಮಾತನಾಡಿದ ಅವರು ಏನಾಗಿದೆ ಎಂಬುದು ಗೊತ್ತು. ಅವರ, ಮುಖ್ಯಮಂತ್ರಿ ಬದಲಾವಣೆ ಕುರಿತು ಕೇಂದ್ರ ಪಾಕಿ ತೆಗೆದ ಸಿದ್ದರಾಮಯ್ಯ ಅವರ ಹಾಗೂ ನಿಲ್ಲುತ್ತಿದ್ದಾರೆ ಎಂದು ಪದೇ ಪದೇ ಹೇಳಿಕೆ ನೀಡುತ್ತಿರುವುದು ಸರಿಯಲ್ಲ, ಯಾವುದನ್ನು ಎಲ್ಲಿ ಮಾತನಾಡಬೇಕು ಎಂಬುದನ್ನು ಅವರು ತಿಳಿದುಕೊಳ್ಳಬೇಕು. ಮುಖ್ಯಮಂತ್ರಿ ಬದಲಾವಣೆ ವಿಚಾರ ಪಕ್ಷದ ಹೈಕಮಾಂಡ್‌ಗೆ ಬಿಟ್ಟಿದ್ದು. ಅವರ ಪಕ್ಷದ ಆಂತರಿಕ ವಿಚಾರ, ಕಾಂಗ್ರೆಸ್ ಪಕ್ಷದವರೇ ಸ್ವಂತ ನಿರ್ಧಾರ ಮಾಡಬೇಕು. ಸಿಎಂ ಬದಲಾವಣೆ ಇವರ ಪಕ್ಷದ ವಿಚಾರ ಎಂದರು.
ಮುಖ್ಯಮಂತ್ರಿಯಾಗಿರುವ ಅವರಿಗೆ ಶೋಭೆ ತರುವುದಿಲ್ಲ. ಸಿದ್ದರಾಮಯ್ಯ ತಮ್ಮ ವರ್ತನೆ ಬದಲು ಮಾಡಿಕೊಳ್ಳಲಿ ಎಂದರು. ಸಂಸತ್ ಅಧಿವೇಶನದಲ್ಲಿ ಪ್ರತಿಪಕ್ಷದ ಆಪರೇಷನ್ ಸಿಂಧೂರ ಚರ್ಚೆ ಮಾಡಲು ಅವಕಾಶವಿದೆ. ನಂತರ ಆಪರೇಷನ್ ಸಿಂಧೂರ ವಿಚಾರ ಚರ್ಚೆ ಮಾಡೋಣ ಎಂದು ಸಭಾಪತಿಗಳು ಹೇಳಿದರೂ ಕಾಂಗ್ರೆಸ್‌ನವರು ಅನಾವಶ್ಯಕವಾಗಿ ಗೊಂದಲ ಮಾಡುತ್ತಿದ್ದಾರೆ. ನೂತನ ಸಂಸತ್ ಭವನದಲ್ಲಿ ಕಾಂಗ್ರೆಸ್‌ನವರು ಸದನ ನಡೆಸಲು ಬಿಡುತ್ತಿಲ್ಲ ಎಂದು ಆರೋಪಿಸಿದರು. ಸಿದ್ದಗಂಗಾ ಮಠದ ಸೇವೆಯನ್ನು ಸ್ಮರಿಸಿದ ಅವರು, ಎಲ್ಲಾ ಜಾತಿ, ವರ್ಗದ ಬಡ ಮಕ್ಕಳಿಗೆ ಉಚಿತ ಶಿಕ್ಷಣ, ವಸತಿ ನೀಡುವ ಮೂಲಕ ಮಠ ಮಹತ್ವದ ಸೇವೆ ಮಾಡುತ್ತಿದೆ ಎಂದರು. ಸಚಿವ ಸೋಮಣ್ಣ ಶ್ರೀ ಸಿದ್ದಲಿಂಗ ಸ್ವಾಮೀಜಿಗಳು ಮುಂದುವರಿಸಿಕೊಂಡು ಹೋಗುತ್ತಿದ್ದಾರೆ ಎಂದರು. ಮುಖಂಡರಾದ ಎಸ್.ಶಿವಪ್ರಸಾದ್, ಎಚ್.ಹೆಚ್.ಮಲ್ಲಿಕಾರ್ಜುನ, ಡಾ.ಎಸ್.ಪರಮೇಶ್, ಬಿ.ಎಸ್.ನಾಗೇಶ್, ಕುಮಾರ್, ರುದ್ರೇಶ್, ಹರೀಶ್, ಕರಿಬಸಪ್ಪ, ಸತೀಶ್, ನಾಗರಾಜು, ಗೌಡ, ನಾಗರಾಜು ಮತ್ತಿತರರು ಈ ಸಂದರ್ಭದಲ್ಲಿ ಹಾಜರಿದ್ದರು.
